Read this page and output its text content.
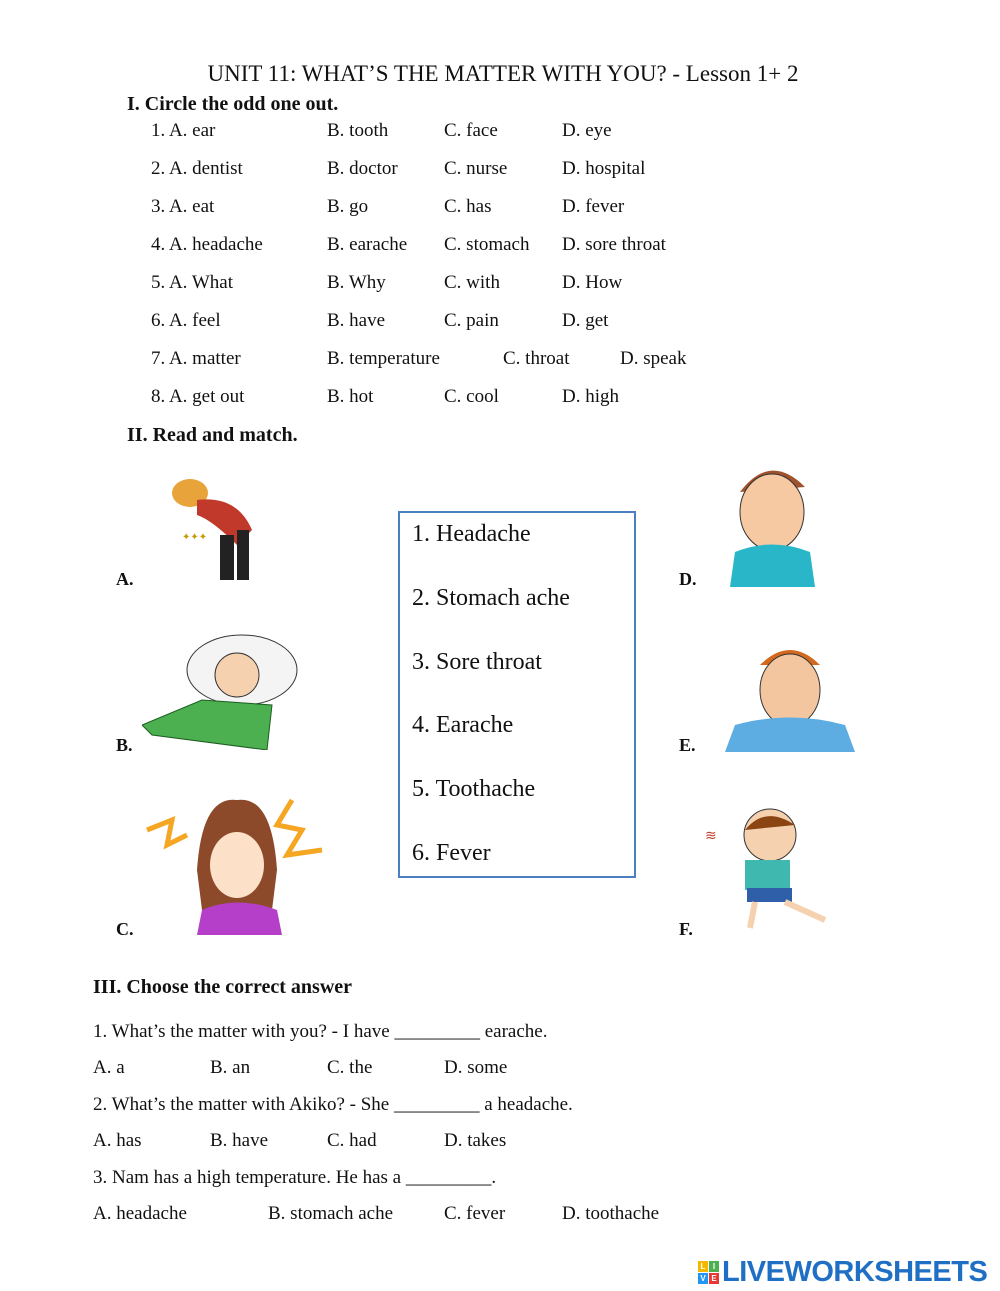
UNIT 11: WHAT’S THE MATTER WITH YOU? - Lesson 1+ 2
I. Circle the odd one out.
1. A. ear	B. tooth	C. face	D. eye
2. A. dentist	B. doctor C. nurse	D. hospital
3. A. eat	B. go	C. has	D. fever
4. A. headache	B. earache C. stomach D. sore throat
5. A. What	B. Why	C. with	D. How
6. A. feel	B. have	C. pain	D. get
7. A. matter	B. temperature	C. throat	D. speak
8. A. get out	B. hot	C. cool	D. high
II. Read and match.
1. Headache
2. Stomach ache
3. Sore throat
4. Earache
5. Toothache
6. Fever
✦✦✦
≋
A.
B.
C.
D.
E.
F.
III. Choose the correct answer
1. What’s the matter with you? - I have _________ earache.
A. a	B. an	C. the	D. some
2. What’s the matter with Akiko? - She _________ a headache.
A. has	B. have	C. had	D. takes
3. Nam has a high temperature. He has a _________.
A. headache	B. stomach ache	C. fever	D. toothache
L I
V E LIVEWORKSHEETS
